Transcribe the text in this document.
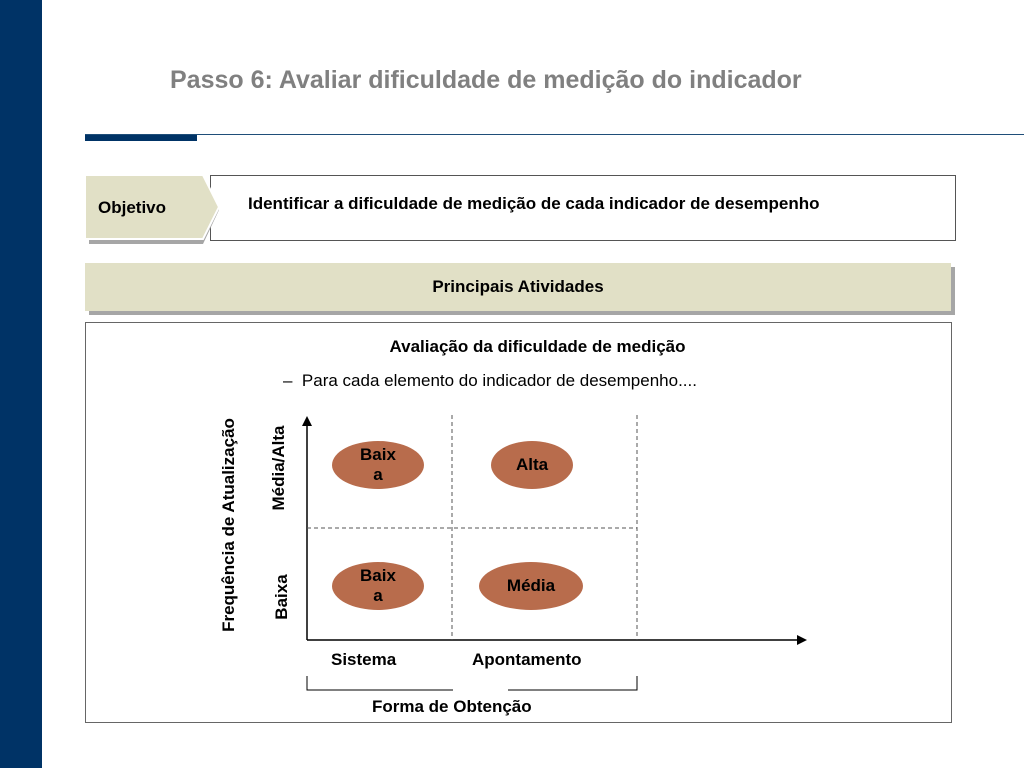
Passo 6: Avaliar dificuldade de medição do indicador
Identificar a dificuldade de medição de cada indicador de desempenho
Objetivo
Principais Atividades
Avaliação da dificuldade de medição
– Para cada elemento do indicador de desempenho....
Frequência de Atualização Média/Alta
Baixa
Sistema	Apontamento
Forma de Obtenção
Baixa
Alta
Baixa
Média
